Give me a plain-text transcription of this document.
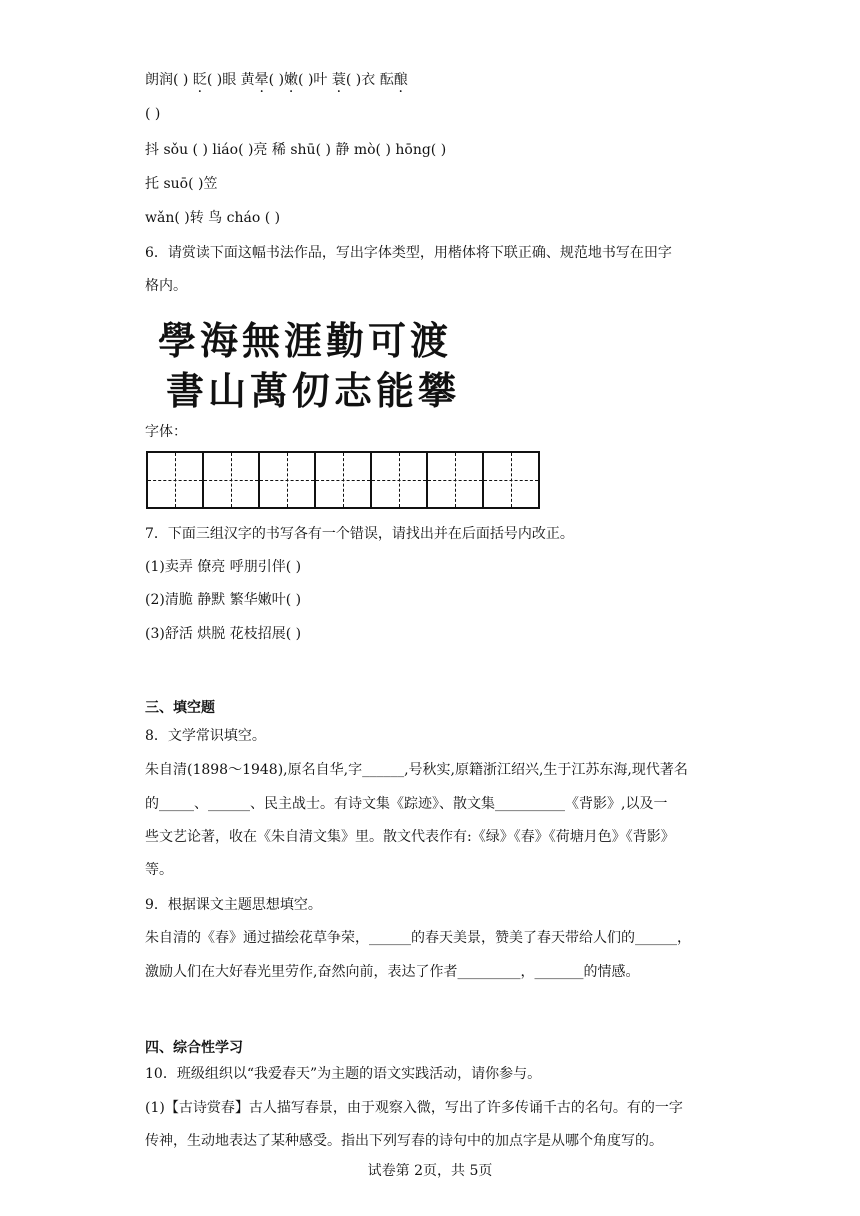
朗润( ) 眨( )眼 黄晕( )嫩( )叶 蓑( )衣 酝酿
( )
抖 sǒu ( ) liáo( )亮 稀 shū( ) 静 mò( ) hōng( )
托 suō( )笠
wǎn( )转 鸟 cháo ( )
6．请赏读下面这幅书法作品，写出字体类型，用楷体将下联正确、规范地书写在田字
格内。
學海無涯勤可渡
書山萬仞志能攀
字体：
7．下面三组汉字的书写各有一个错误，请找出并在后面括号内改正。
(1)卖弄 僚亮 呼朋引伴( )
(2)清脆 静默 繁华嫩叶( )
(3)舒活 烘脱 花枝招展( )
三、填空题
8．文学常识填空。
朱自清(1898～1948),原名自华,字______,号秋实,原籍浙江绍兴,生于江苏东海,现代著名
的_____、______、民主战士。有诗文集《踪迹》、散文集__________《背影》,以及一
些文艺论著，收在《朱自清文集》里。散文代表作有:《绿》《春》《荷塘月色》《背影》
等。
9．根据课文主题思想填空。
朱自清的《春》通过描绘花草争荣，______的春天美景，赞美了春天带给人们的______，
激励人们在大好春光里劳作,奋然向前，表达了作者_________，_______的情感。
四、综合性学习
10．班级组织以“我爱春天”为主题的语文实践活动，请你参与。
(1)【古诗赏春】古人描写春景，由于观察入微，写出了许多传诵千古的名句。有的一字
传神，生动地表达了某种感受。指出下列写春的诗句中的加点字是从哪个角度写的。
试卷第 2页，共 5页
